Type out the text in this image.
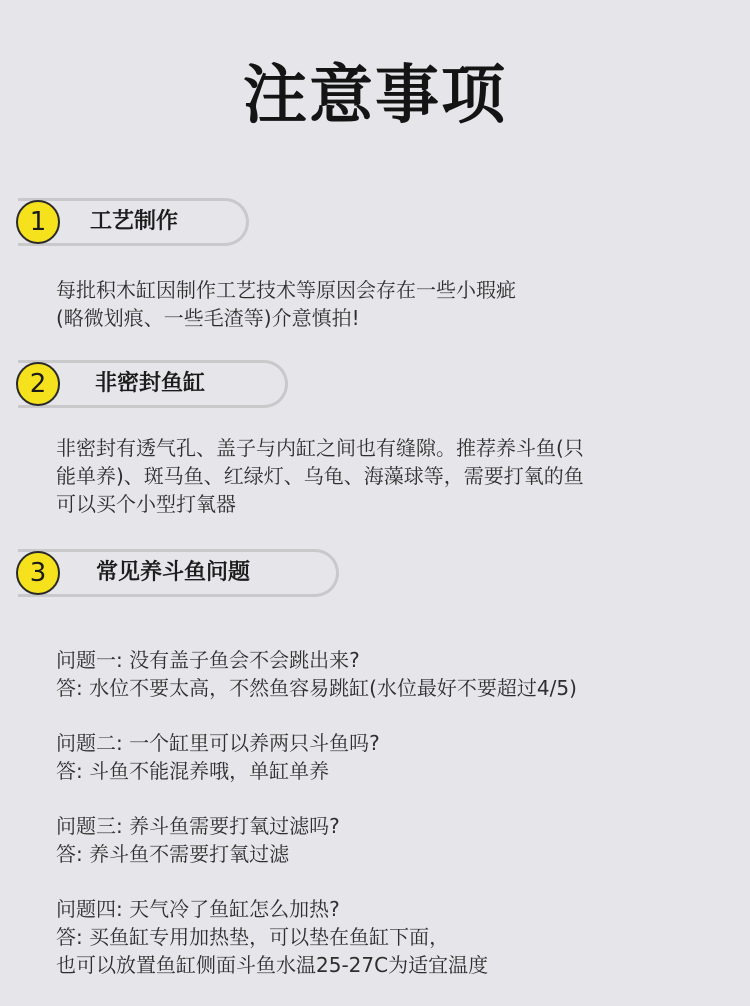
注意事项
1	工艺制作

每批积木缸因制作工艺技术等原因会存在一些小瑕疵

(略微划痕、一些毛渣等)介意慎拍!

2	非密封鱼缸

非密封有透气孔、盖子与内缸之间也有缝隙。推荐养斗鱼(只

能单养)、斑马鱼、红绿灯、乌龟、海藻球等，需要打氧的鱼

可以买个小型打氧器

3	常见养斗鱼问题

问题一: 没有盖子鱼会不会跳出来?

答: 水位不要太高，不然鱼容易跳缸(水位最好不要超过4/5)

问题二: 一个缸里可以养两只斗鱼吗?

答: 斗鱼不能混养哦，单缸单养

问题三: 养斗鱼需要打氧过滤吗?

答: 养斗鱼不需要打氧过滤

问题四: 天气冷了鱼缸怎么加热?

答: 买鱼缸专用加热垫，可以垫在鱼缸下面，

也可以放置鱼缸侧面斗鱼水温25-27C为适宜温度
